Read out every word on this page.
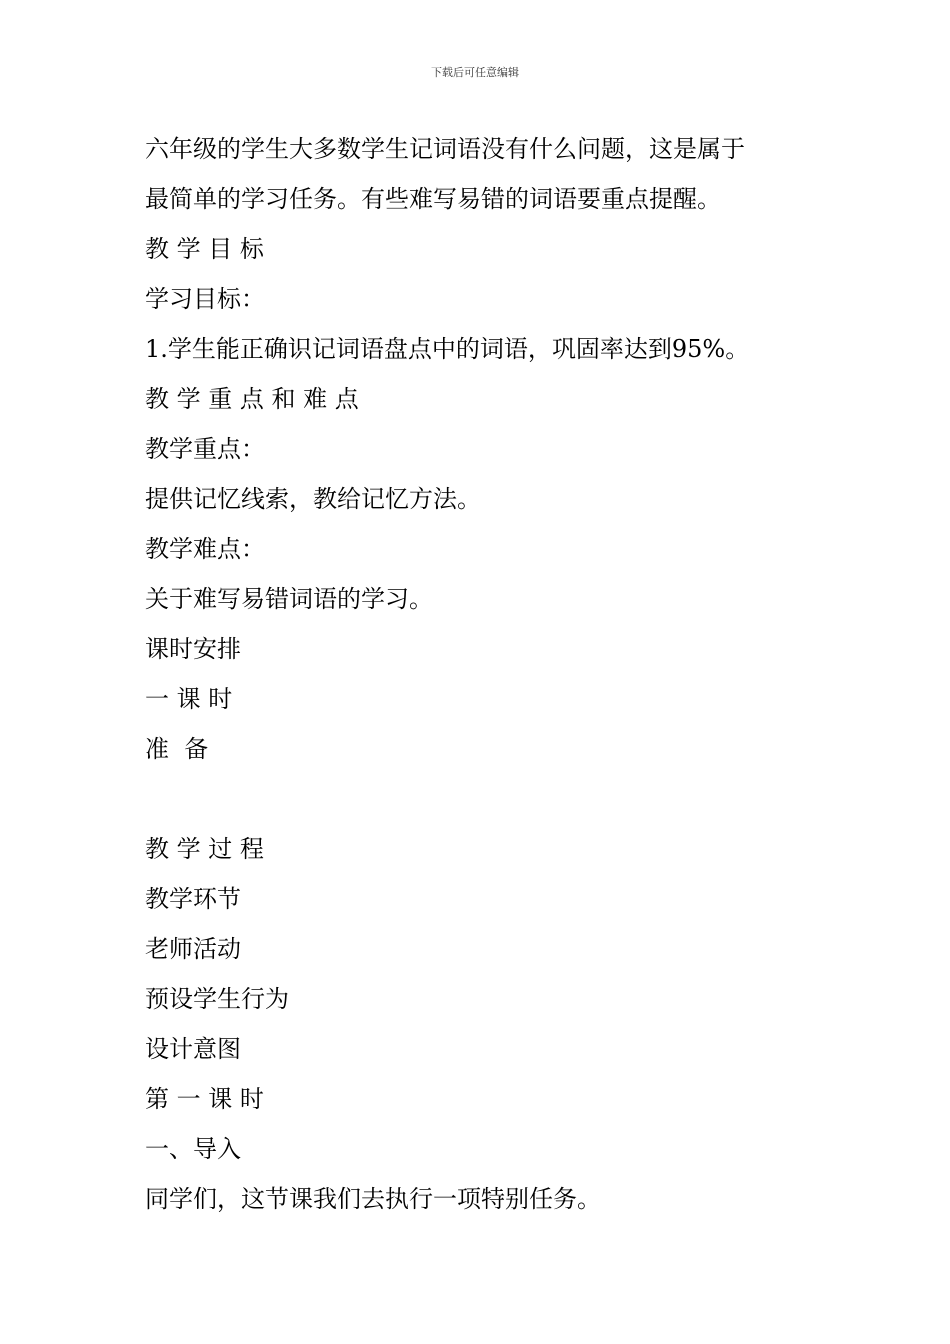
下载后可任意编辑
六年级的学生大多数学生记词语没有什么问题，这是属于
最简单的学习任务。有些难写易错的词语要重点提醒。
教 学 目 标
学习目标：
1.学生能正确识记词语盘点中的词语，巩固率达到95%。
教 学 重 点 和 难 点
教学重点：
提供记忆线索，教给记忆方法。
教学难点：
关于难写易错词语的学习。
课时安排
一 课 时
准  备
教 学 过 程
教学环节
老师活动
预设学生行为
设计意图
第 一 课 时
一、导入
同学们，这节课我们去执行一项特别任务。
